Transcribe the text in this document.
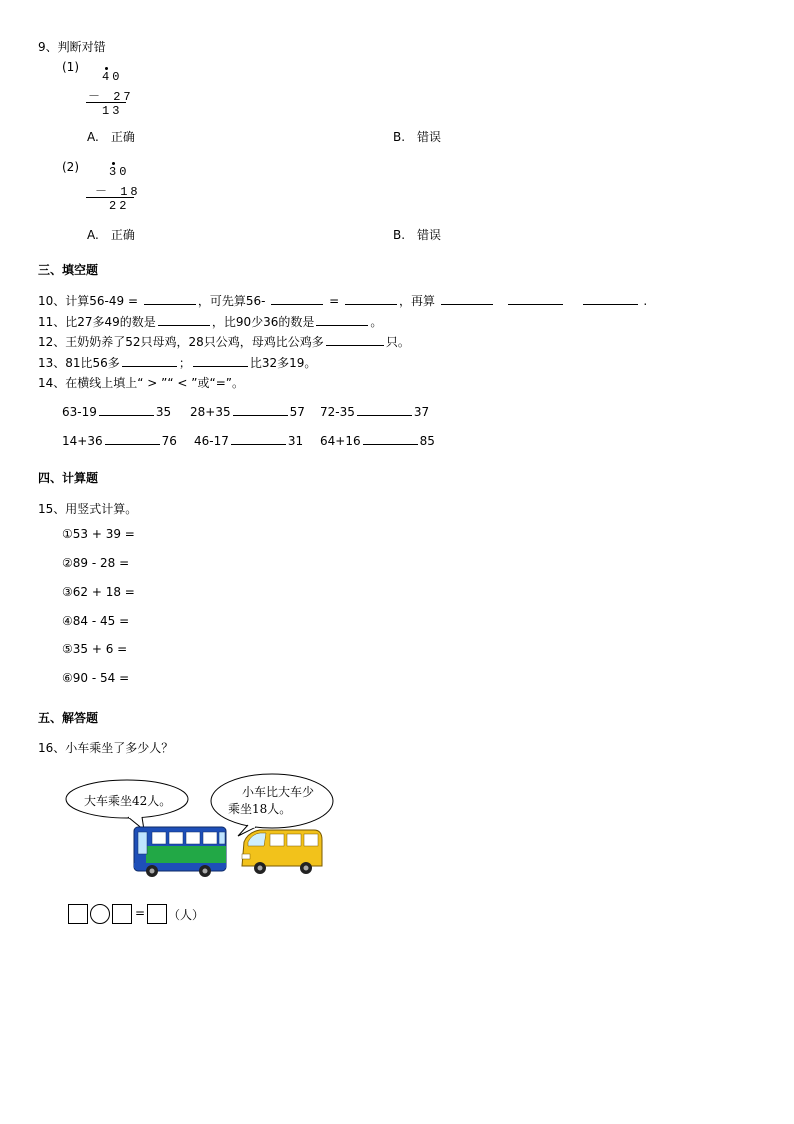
9、判断对错
(1)
40
－ 27
13
A.　正确	B.　错误
(2)	30
－ 18
22
A.　正确	B.　错误
三、填空题
10、计算56-49 =	，可先算56-	=	，再算	.
11、比27多49的数是	，比90少36的数是	。
12、王奶奶养了52只母鸡，28只公鸡，母鸡比公鸡多	只。
13、81比56多	；	比32多19。
14、在横线上填上“ > ”“ < ”或“=”。
63-19	35 28+35	57 72-35	37
14+36	76 46-17	31 64+16	85
四、计算题
15、用竖式计算。
①53 + 39 =
②89 - 28 =
③62 + 18 =
④84 - 45 =
⑤35 + 6 =
⑥90 - 54 =
五、解答题
16、小车乘坐了多少人？
大车乘坐42人。
小车比大车少
乘坐18人。
= （人）
